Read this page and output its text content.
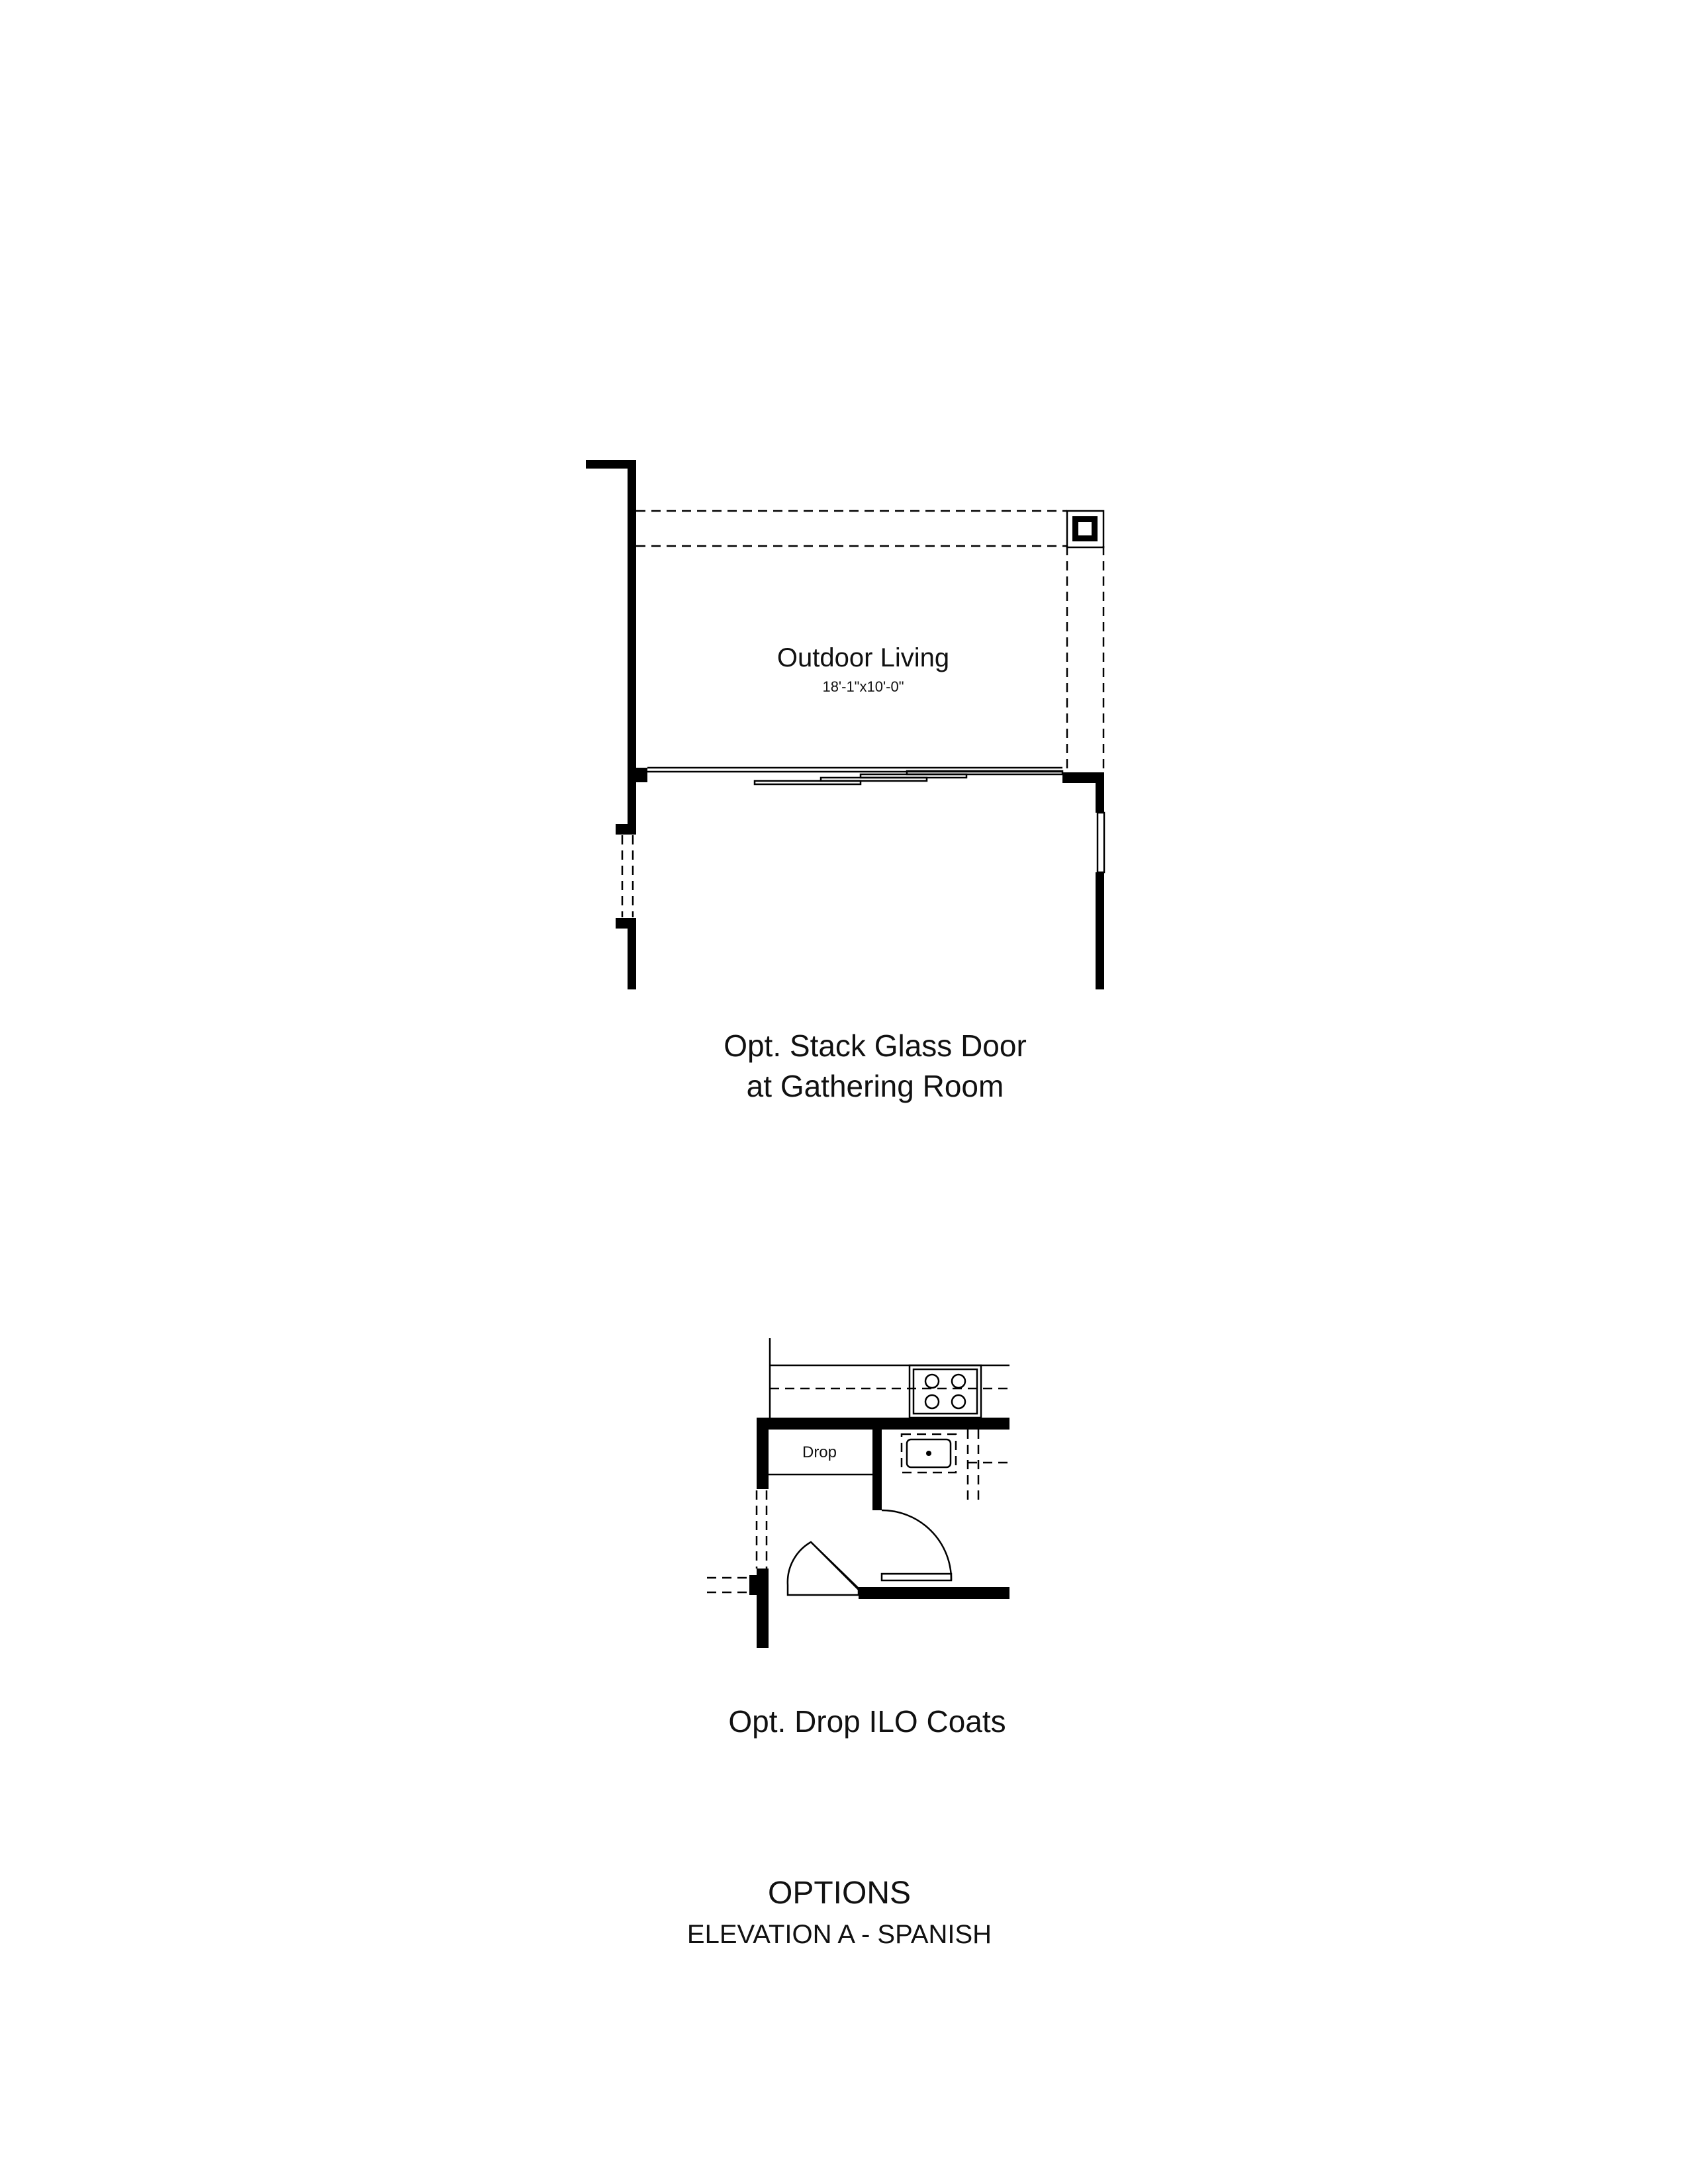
Outdoor Living
18'-1"x10'-0"
Opt. Stack Glass Door
at Gathering Room
Drop
Opt. Drop ILO Coats
OPTIONS
ELEVATION A - SPANISH
